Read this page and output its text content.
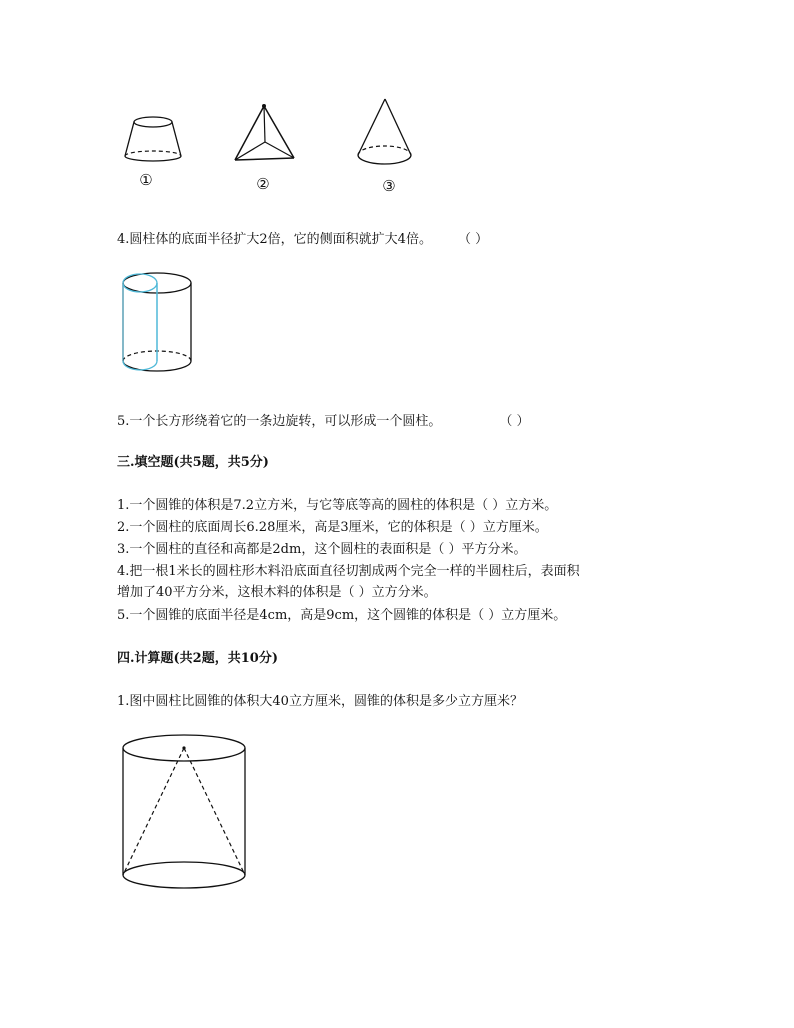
①	②	③
4.圆柱体的底面半径扩大2倍，它的侧面积就扩大4倍。 （ ）
5.一个长方形绕着它的一条边旋转，可以形成一个圆柱。	（ ）
三.填空题(共5题，共5分)
1.一个圆锥的体积是7.2立方米，与它等底等高的圆柱的体积是（ ）立方米。
2.一个圆柱的底面周长6.28厘米，高是3厘米，它的体积是（ ）立方厘米。
3.一个圆柱的直径和高都是2dm，这个圆柱的表面积是（ ）平方分米。
4.把一根1米长的圆柱形木料沿底面直径切割成两个完全一样的半圆柱后，表面积
增加了40平方分米，这根木料的体积是（ ）立方分米。
5.一个圆锥的底面半径是4cm，高是9cm，这个圆锥的体积是（ ）立方厘米。
四.计算题(共2题，共10分)
1.图中圆柱比圆锥的体积大40立方厘米，圆锥的体积是多少立方厘米？
